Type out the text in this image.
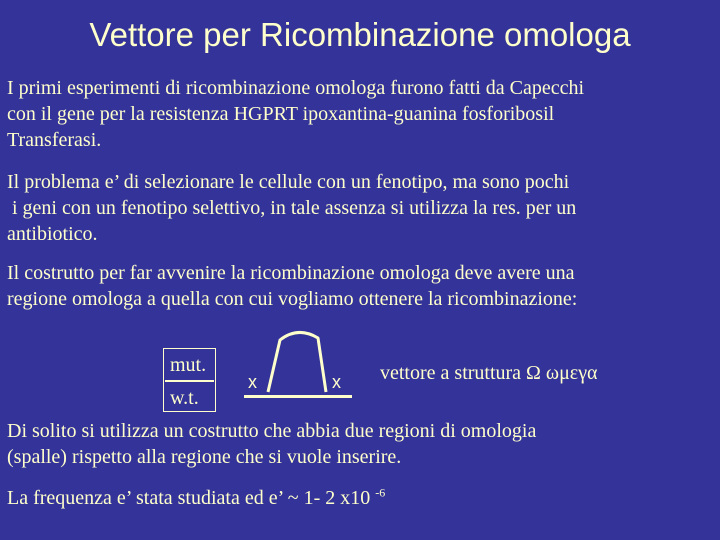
Vettore per Ricombinazione omologa

I primi esperimenti di ricombinazione omologa furono fatti da Capecchi
con il gene per la resistenza HGPRT ipoxantina-guanina fosforibosil
Transferasi.

Il problema e’ di selezionare le cellule con un fenotipo, ma sono pochi
i geni con un fenotipo selettivo, in tale assenza si utilizza la res. per un
antibiotico.

Il costrutto per far avvenire la ricombinazione omologa deve avere una
regione omologa a quella con cui vogliamo ottenere la ricombinazione:

mut.
w.t.
x	x vettore a struttura Ω ωμεγα

Di solito si utilizza un costrutto che abbia due regioni di omologia
(spalle) rispetto alla regione che si vuole inserire.

La frequenza e’ stata studiata ed e’ ~ 1- 2 x10 $^{-6}$
